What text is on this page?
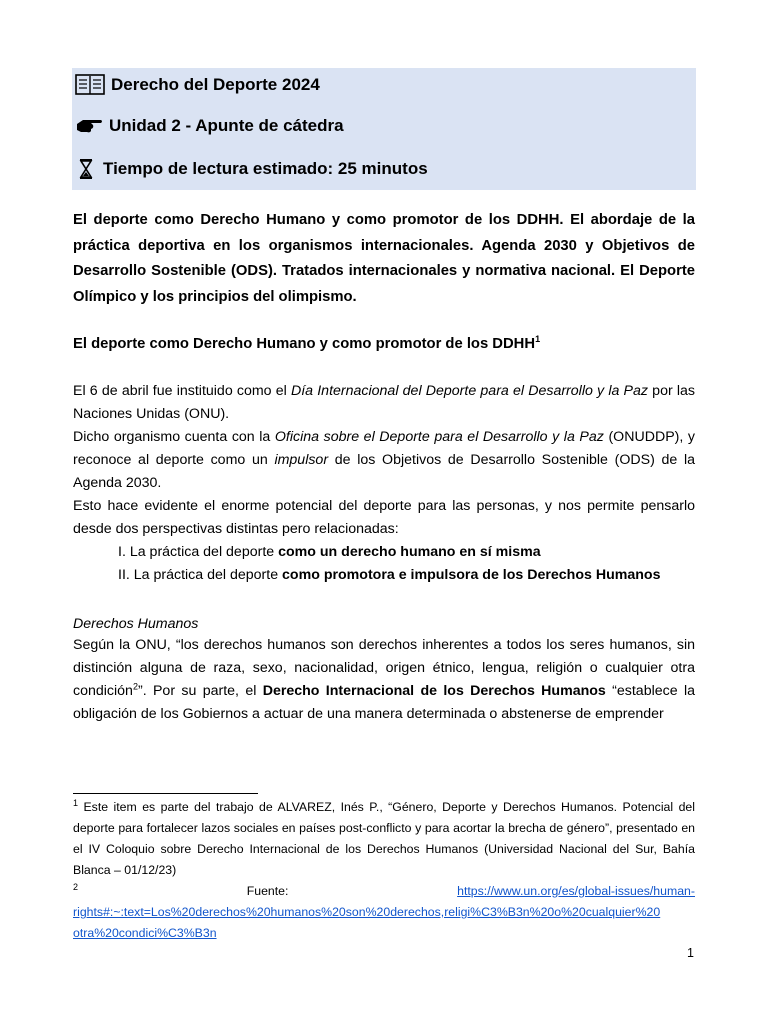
Derecho del Deporte 2024
Unidad 2 - Apunte de cátedra
Tiempo de lectura estimado: 25 minutos
El deporte como Derecho Humano y como promotor de los DDHH. El abordaje de la práctica deportiva en los organismos internacionales. Agenda 2030 y Objetivos de Desarrollo Sostenible (ODS). Tratados internacionales y normativa nacional. El Deporte Olímpico y los principios del olimpismo.
El deporte como Derecho Humano y como promotor de los DDHH$^1$
El 6 de abril fue instituido como el Día Internacional del Deporte para el Desarrollo y la Paz por las Naciones Unidas (ONU).
Dicho organismo cuenta con la Oficina sobre el Deporte para el Desarrollo y la Paz (ONUDDP), y reconoce al deporte como un impulsor de los Objetivos de Desarrollo Sostenible (ODS) de la Agenda 2030.
Esto hace evidente el enorme potencial del deporte para las personas, y nos permite pensarlo desde dos perspectivas distintas pero relacionadas:
I. La práctica del deporte como un derecho humano en sí misma
II. La práctica del deporte como promotora e impulsora de los Derechos Humanos
Derechos Humanos
Según la ONU, “los derechos humanos son derechos inherentes a todos los seres humanos, sin distinción alguna de raza, sexo, nacionalidad, origen étnico, lengua, religión o cualquier otra condición$^2$”. Por su parte, el Derecho Internacional de los Derechos Humanos “establece la obligación de los Gobiernos a actuar de una manera determinada o abstenerse de emprender
$^1$ Este item es parte del trabajo de ALVAREZ, Inés P., “Género, Deporte y Derechos Humanos. Potencial del deporte para fortalecer lazos sociales en países post-conflicto y para acortar la brecha de género”, presentado en el IV Coloquio sobre Derecho Internacional de los Derechos Humanos (Universidad Nacional del Sur, Bahía Blanca – 01/12/23)
$^2$	Fuente:	https://www.un.org/es/global-issues/human-
rights#:~:text=Los%20derechos%20humanos%20son%20derechos,religi%C3%B3n%20o%20cualquier%20
otra%20condici%C3%B3n
1
